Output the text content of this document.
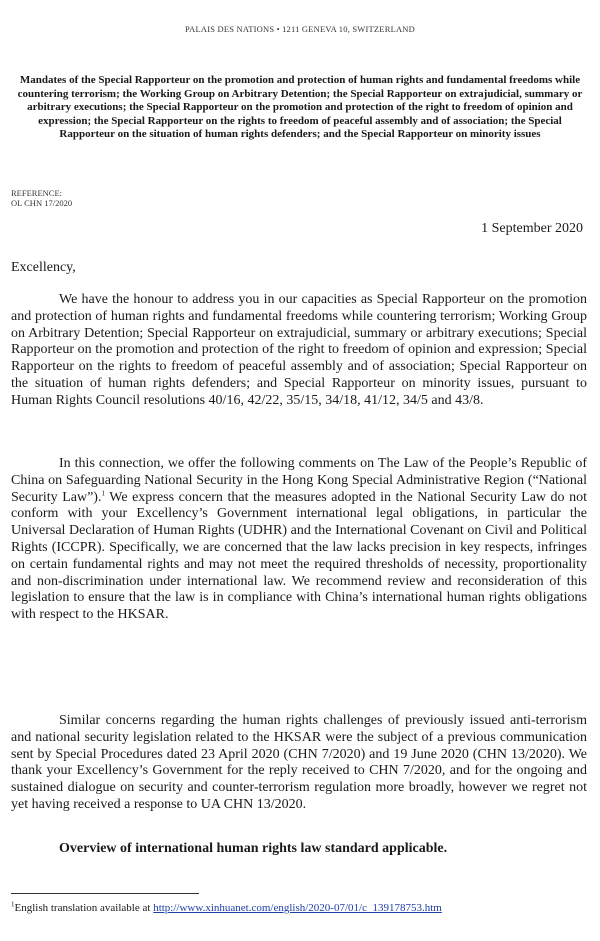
PALAIS DES NATIONS • 1211 GENEVA 10, SWITZERLAND
Mandates of the Special Rapporteur on the promotion and protection of human rights and fundamental freedoms while countering terrorism; the Working Group on Arbitrary Detention; the Special Rapporteur on extrajudicial, summary or arbitrary executions; the Special Rapporteur on the promotion and protection of the right to freedom of opinion and expression; the Special Rapporteur on the rights to freedom of peaceful assembly and of association; the Special Rapporteur on the situation of human rights defenders; and the Special Rapporteur on minority issues
REFERENCE:
OL CHN 17/2020
1 September 2020
Excellency,

We have the honour to address you in our capacities as Special Rapporteur on the promotion and protection of human rights and fundamental freedoms while countering terrorism; Working Group on Arbitrary Detention; Special Rapporteur on extrajudicial, summary or arbitrary executions; Special Rapporteur on the promotion and protection of the right to freedom of opinion and expression; Special Rapporteur on the rights to freedom of peaceful assembly and of association; Special Rapporteur on the situation of human rights defenders; and Special Rapporteur on minority issues, pursuant to Human Rights Council resolutions 40/16, 42/22, 35/15, 34/18, 41/12, 34/5 and 43/8.

In this connection, we offer the following comments on The Law of the People’s Republic of China on Safeguarding National Security in the Hong Kong Special Administrative Region (“National Security Law”).$^1$ We express concern that the measures adopted in the National Security Law do not conform with your Excellency’s Government international legal obligations, in particular the Universal Declaration of Human Rights (UDHR) and the International Covenant on Civil and Political Rights (ICCPR). Specifically, we are concerned that the law lacks precision in key respects, infringes on certain fundamental rights and may not meet the required thresholds of necessity, proportionality and non-discrimination under international law. We recommend review and reconsideration of this legislation to ensure that the law is in compliance with China’s international human rights obligations with respect to the HKSAR.

Similar concerns regarding the human rights challenges of previously issued anti-terrorism and national security legislation related to the HKSAR were the subject of a previous communication sent by Special Procedures dated 23 April 2020 (CHN 7/2020) and 19 June 2020 (CHN 13/2020). We thank your Excellency’s Government for the reply received to CHN 7/2020, and for the ongoing and sustained dialogue on security and counter-terrorism regulation more broadly, however we regret not yet having received a response to UA CHN 13/2020.

Overview of international human rights law standard applicable.
$^1$English translation available at http://www.xinhuanet.com/english/2020-07/01/c_139178753.htm
